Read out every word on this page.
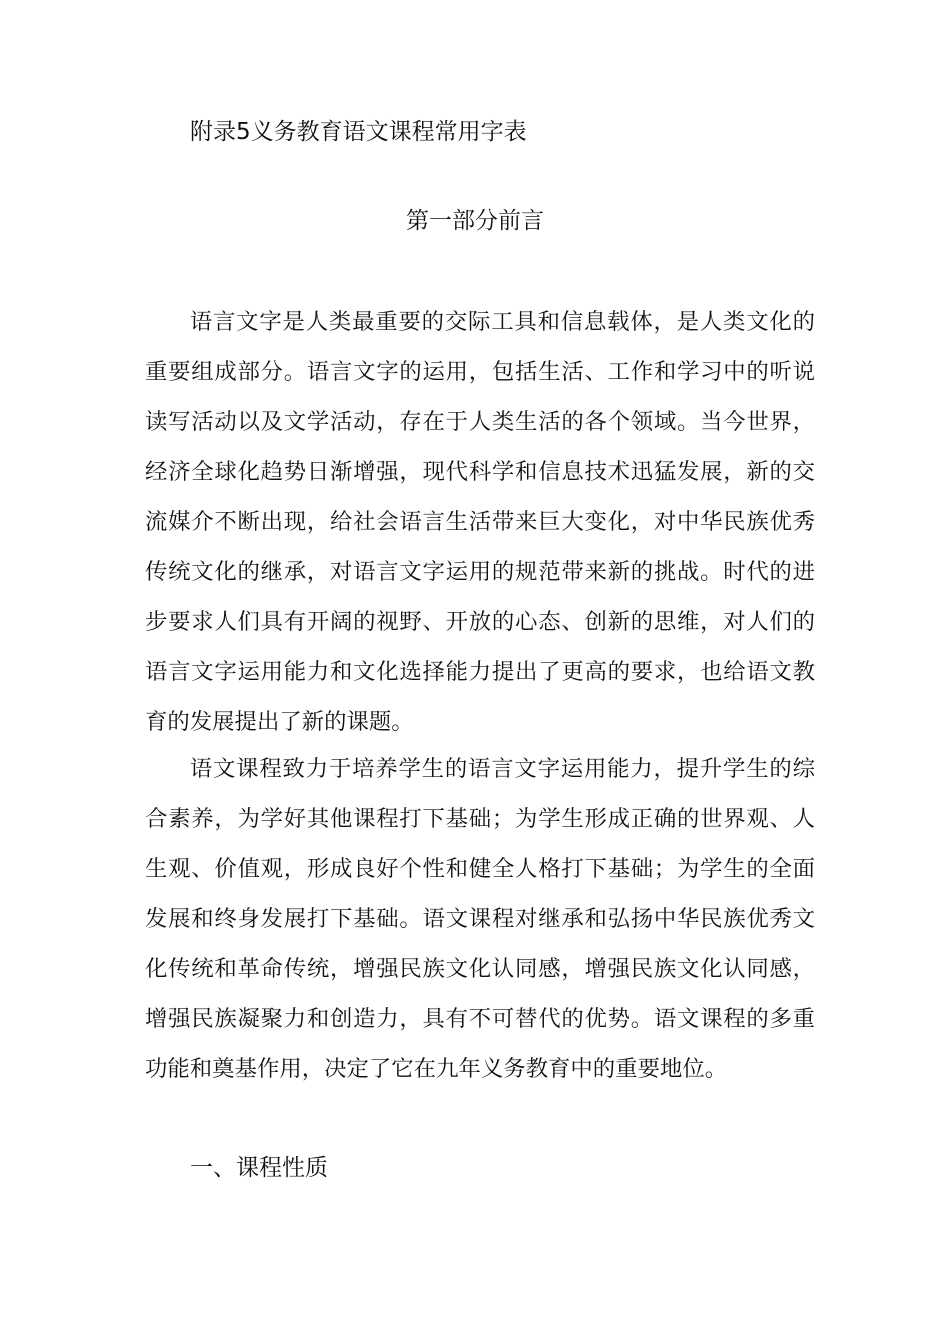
附录5义务教育语文课程常用字表
第一部分前言

语言文字是人类最重要的交际工具和信息载体，是人类文化的重要组成部分。语言文字的运用，包括生活、工作和学习中的听说读写活动以及文学活动，存在于人类生活的各个领域。当今世界，经济全球化趋势日渐增强，现代科学和信息技术迅猛发展，新的交流媒介不断出现，给社会语言生活带来巨大变化，对中华民族优秀传统文化的继承，对语言文字运用的规范带来新的挑战。时代的进步要求人们具有开阔的视野、开放的心态、创新的思维，对人们的语言文字运用能力和文化选择能力提出了更高的要求，也给语文教育的发展提出了新的课题。

语文课程致力于培养学生的语言文字运用能力，提升学生的综合素养，为学好其他课程打下基础；为学生形成正确的世界观、人生观、价值观，形成良好个性和健全人格打下基础；为学生的全面发展和终身发展打下基础。语文课程对继承和弘扬中华民族优秀文化传统和革命传统，增强民族文化认同感，增强民族文化认同感，增强民族凝聚力和创造力，具有不可替代的优势。语文课程的多重功能和奠基作用，决定了它在九年义务教育中的重要地位。

一、课程性质
